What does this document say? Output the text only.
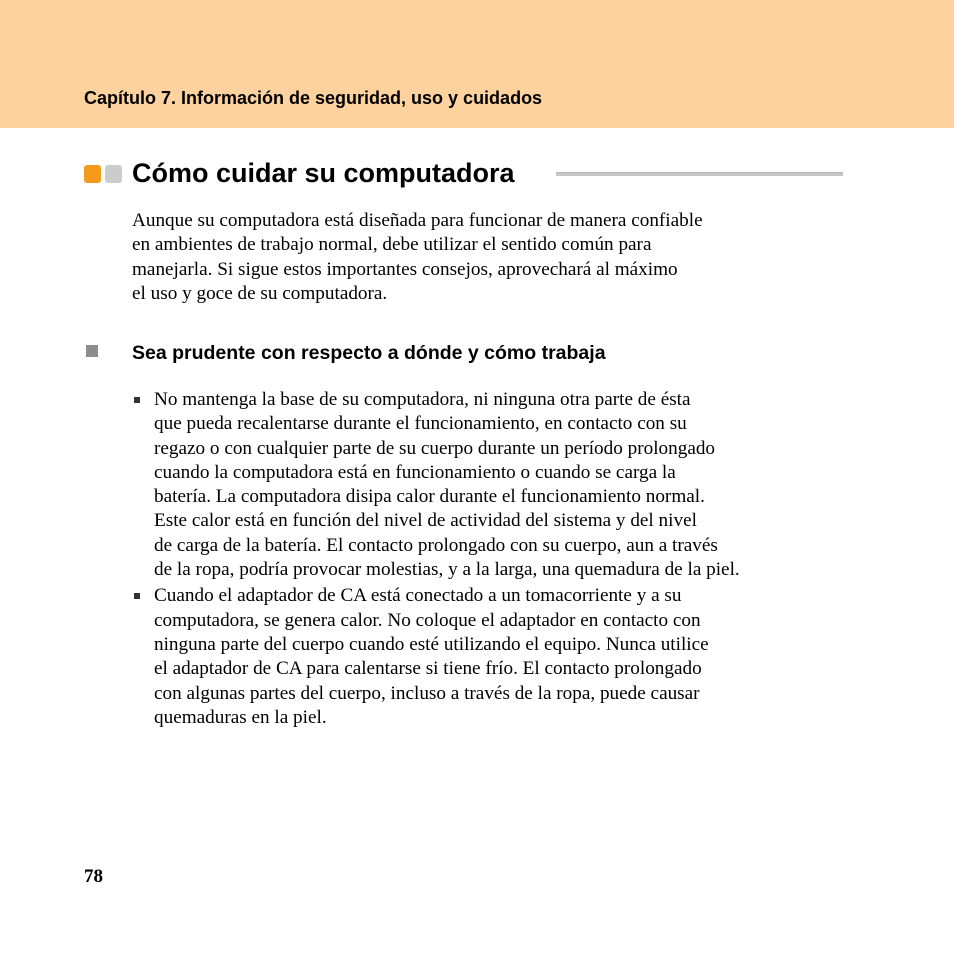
Capítulo 7. Información de seguridad, uso y cuidados
Cómo cuidar su computadora
Aunque su computadora está diseñada para funcionar de manera confiable
en ambientes de trabajo normal, debe utilizar el sentido común para
manejarla. Si sigue estos importantes consejos, aprovechará al máximo
el uso y goce de su computadora.
Sea prudente con respecto a dónde y cómo trabaja
No mantenga la base de su computadora, ni ninguna otra parte de ésta
que pueda recalentarse durante el funcionamiento, en contacto con su
regazo o con cualquier parte de su cuerpo durante un período prolongado
cuando la computadora está en funcionamiento o cuando se carga la
batería. La computadora disipa calor durante el funcionamiento normal.
Este calor está en función del nivel de actividad del sistema y del nivel
de carga de la batería. El contacto prolongado con su cuerpo, aun a través
de la ropa, podría provocar molestias, y a la larga, una quemadura de la piel.
Cuando el adaptador de CA está conectado a un tomacorriente y a su
computadora, se genera calor. No coloque el adaptador en contacto con
ninguna parte del cuerpo cuando esté utilizando el equipo. Nunca utilice
el adaptador de CA para calentarse si tiene frío. El contacto prolongado
con algunas partes del cuerpo, incluso a través de la ropa, puede causar
quemaduras en la piel.
78
